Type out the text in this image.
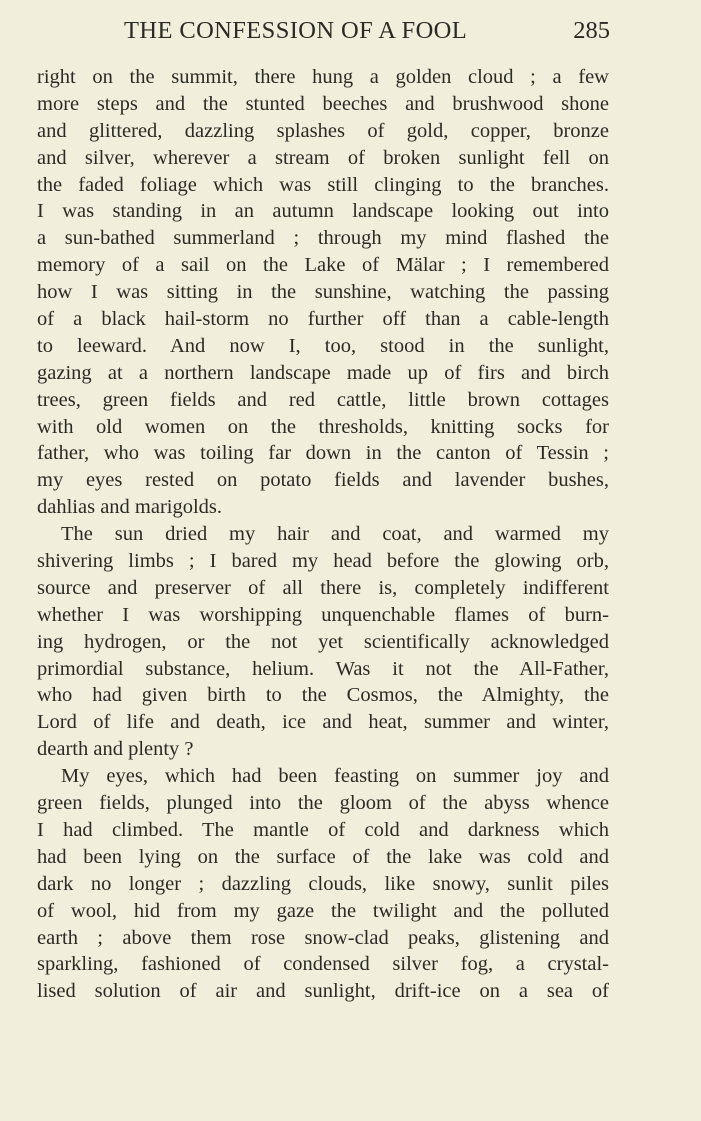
THE CONFESSION OF A FOOL	285
right on the summit, there hung a golden cloud ; a few
more steps and the stunted beeches and brushwood shone
and glittered, dazzling splashes of gold, copper, bronze
and silver, wherever a stream of broken sunlight fell on
the faded foliage which was still clinging to the branches.
I was standing in an autumn landscape looking out into
a sun-bathed summerland ; through my mind flashed the
memory of a sail on the Lake of Mälar ; I remembered
how I was sitting in the sunshine, watching the passing
of a black hail-storm no further off than a cable-length
to leeward. And now I, too, stood in the sunlight,
gazing at a northern landscape made up of firs and birch
trees, green fields and red cattle, little brown cottages
with old women on the thresholds, knitting socks for
father, who was toiling far down in the canton of Tessin ;
my eyes rested on potato fields and lavender bushes,
dahlias and marigolds.
The sun dried my hair and coat, and warmed my
shivering limbs ; I bared my head before the glowing orb,
source and preserver of all there is, completely indifferent
whether I was worshipping unquenchable flames of burn-
ing hydrogen, or the not yet scientifically acknowledged
primordial substance, helium. Was it not the All-Father,
who had given birth to the Cosmos, the Almighty, the
Lord of life and death, ice and heat, summer and winter,
dearth and plenty ?
My eyes, which had been feasting on summer joy and
green fields, plunged into the gloom of the abyss whence
I had climbed. The mantle of cold and darkness which
had been lying on the surface of the lake was cold and
dark no longer ; dazzling clouds, like snowy, sunlit piles
of wool, hid from my gaze the twilight and the polluted
earth ; above them rose snow-clad peaks, glistening and
sparkling, fashioned of condensed silver fog, a crystal-
lised solution of air and sunlight, drift-ice on a sea of
